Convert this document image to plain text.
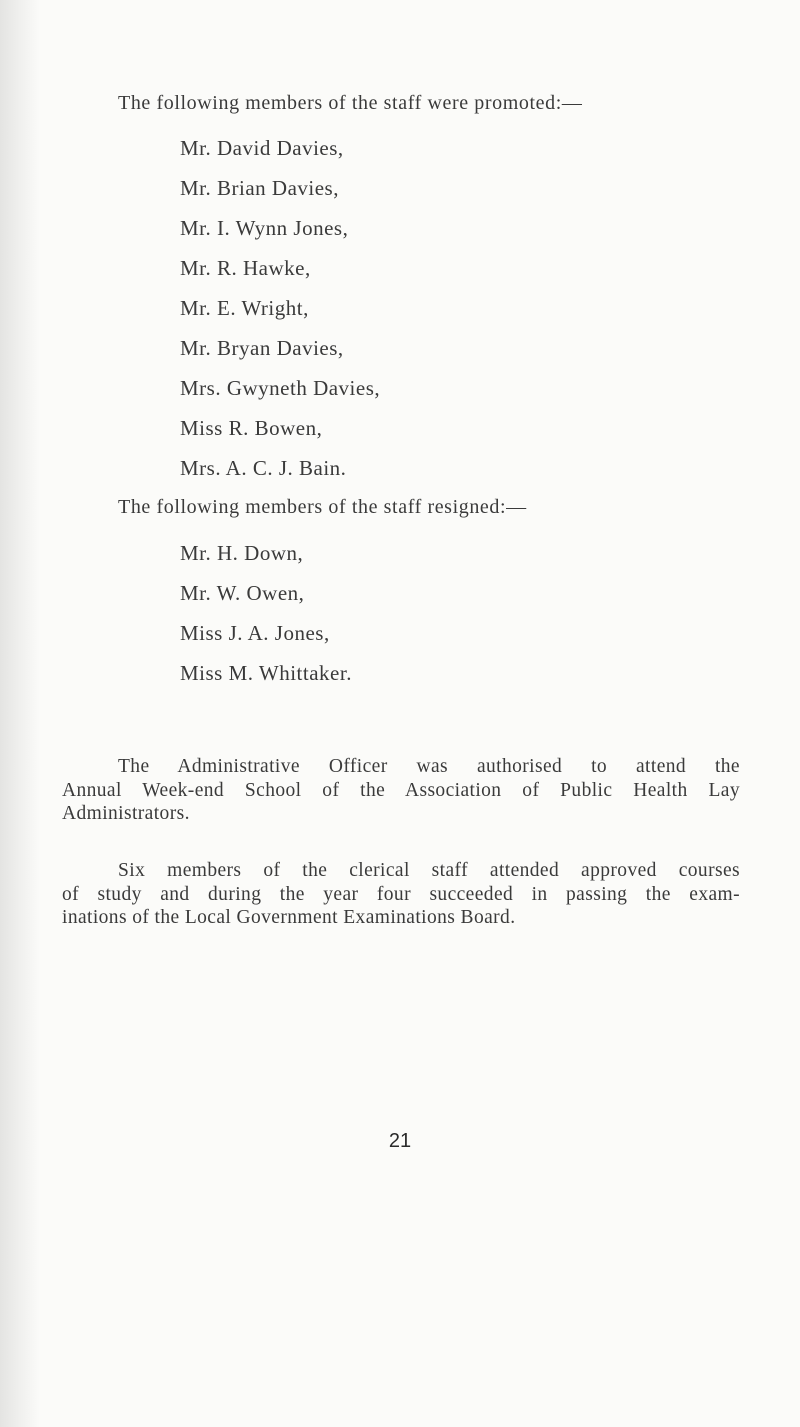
The following members of the staff were promoted:—
Mr. David Davies,
Mr. Brian Davies,
Mr. I. Wynn Jones,
Mr. R. Hawke,
Mr. E. Wright,
Mr. Bryan Davies,
Mrs. Gwyneth Davies,
Miss R. Bowen,
Mrs. A. C. J. Bain.
The following members of the staff resigned:—
Mr. H. Down,
Mr. W. Owen,
Miss J. A. Jones,
Miss M. Whittaker.
The Administrative Officer was authorised to attend the
Annual Week-end School of the Association of Public Health Lay
Administrators.
Six members of the clerical staff attended approved courses
of study and during the year four succeeded in passing the exam-
inations of the Local Government Examinations Board.
21
